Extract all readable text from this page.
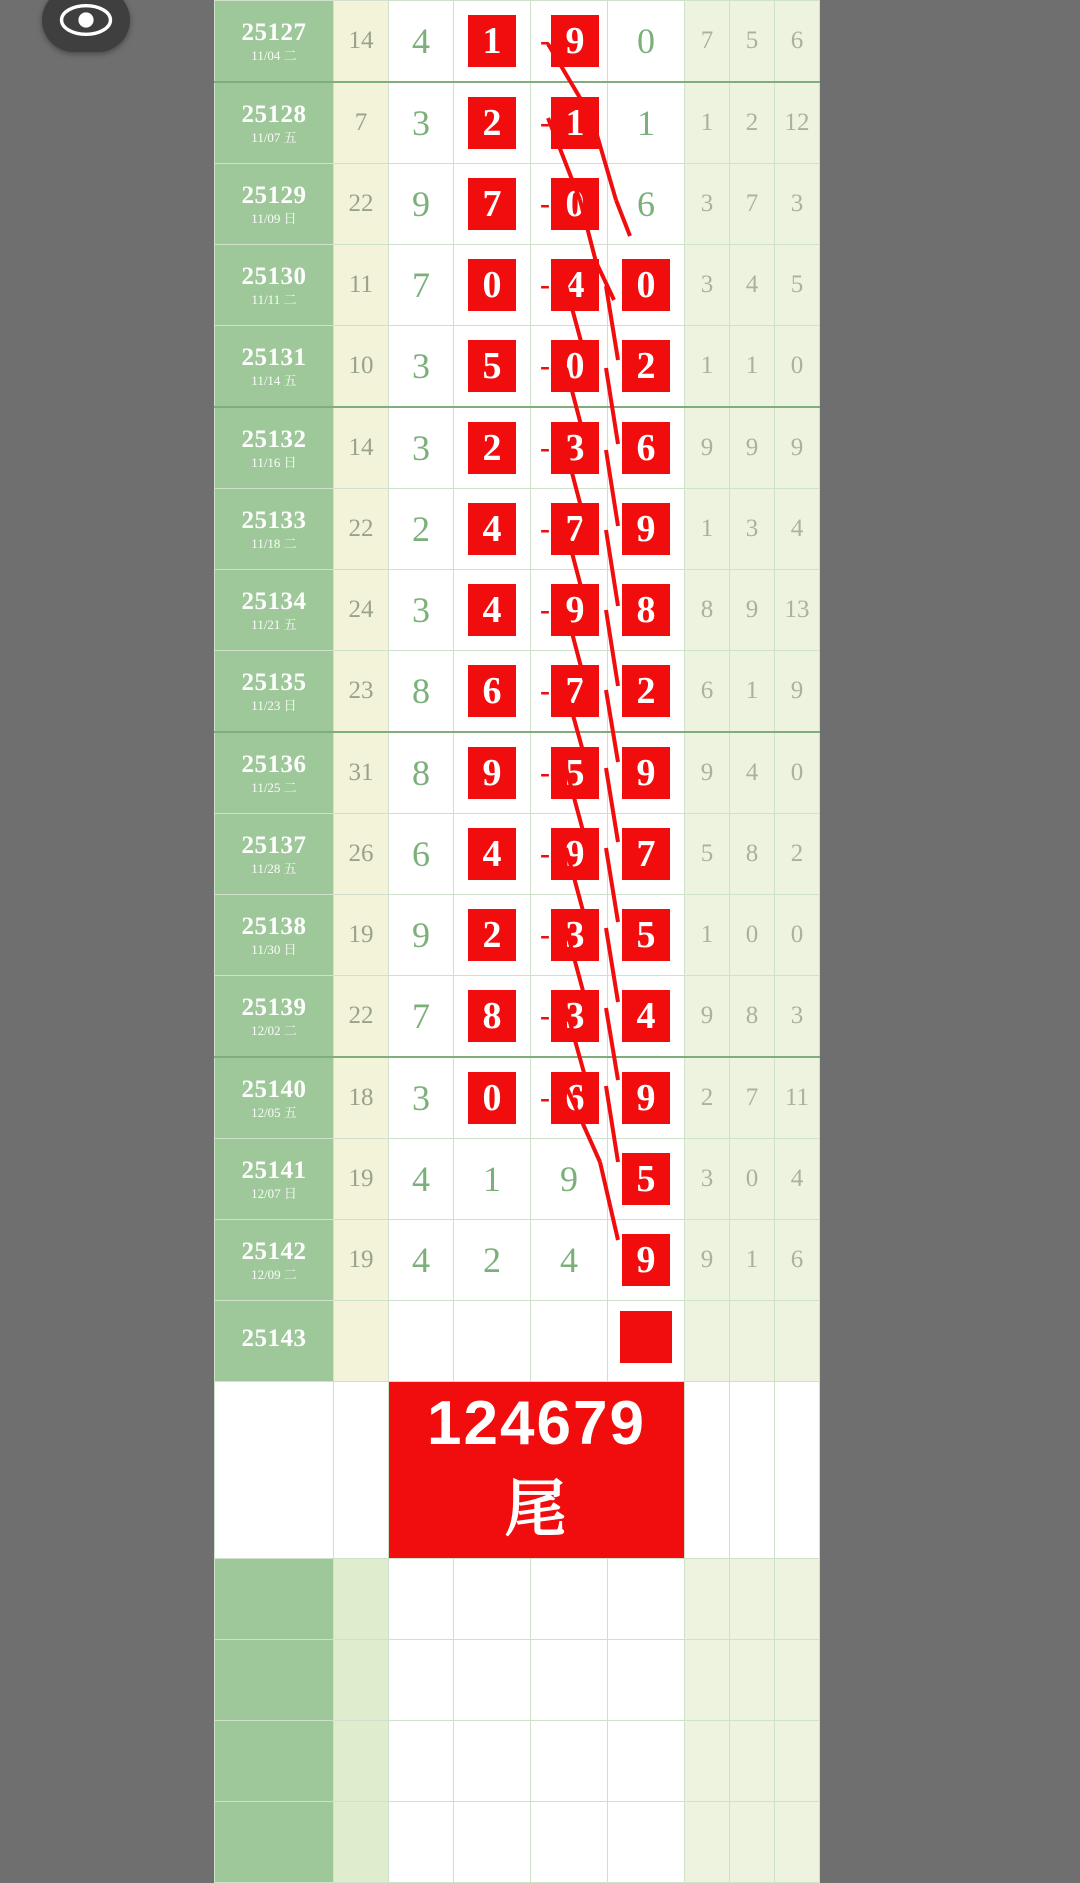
25127
11/04 二	14	4	1	- 9	0	7	5	6

25128
11/07 五	7	3	2	- 1	1	1	2	12

25129
11/09 日	22	9	7	- 0	6	3	7	3

25130
11/11 二	11	7	0	- 4	0	3	4	5

25131
11/14 五	10	3	5	- 0	2	1	1	0

25132
11/16 日	14	3	2	- 3	6	9	9	9

25133
11/18 二	22	2	4	- 7	9	1	3	4

25134
11/21 五	24	3	4	- 9	8	8	9	13

25135
11/23 日	23	8	6	- 7	2	6	1	9

25136
11/25 二	31	8	9	- 5	9	9	4	0

25137
11/28 五	26	6	4	- 9	7	5	8	2

25138
11/30 日	19	9	2	- 3	5	1	0	0

25139
12/02 二	22	7	8	- 3	4	9	8	3

25140
12/05 五	18	3	0	- 6	9	2	7	11

25141
12/07 日	19	4	1	9	5	3	0	4

25142
12/09 二	19	4	2	4	9	9	1	6

25143								

		124679尾						
